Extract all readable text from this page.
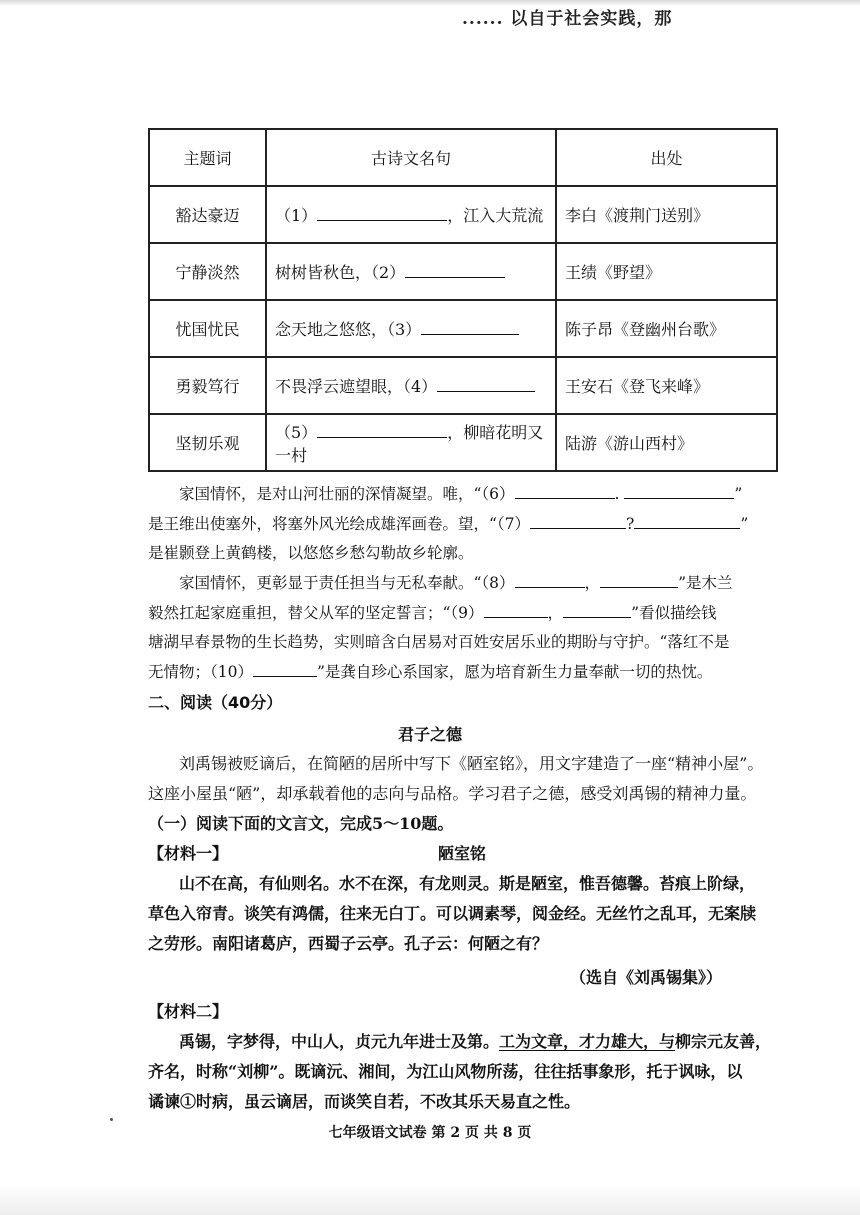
...... 以自于社会实践，那
主题词	古诗文名句	出处
豁达豪迈	（1） ，江入大荒流	李白《渡荆门送别》
宁静淡然	树树皆秋色，（2）	王绩《野望》
忧国忧民	念天地之悠悠，（3）	陈子昂《登幽州台歌》
勇毅笃行	不畏浮云遮望眼，（4）	王安石《登飞来峰》
坚韧乐观	（5） ，柳暗花明又一村	陆游《游山西村》

家国情怀，是对山河壮丽的深情凝望。唯，“（6）	.	”

是王维出使塞外，将塞外风光绘成雄浑画卷。望，“（7）	?	”

是崔颢登上黄鹤楼，以悠悠乡愁勾勒故乡轮廓。

家国情怀，更彰显于责任担当与无私奉献。“（8）	，	”是木兰

毅然扛起家庭重担，替父从军的坚定誓言；“（9）	，	”看似描绘钱

塘湖早春景物的生长趋势，实则暗含白居易对百姓安居乐业的期盼与守护。“落红不是

无情物；（10）	”是龚自珍心系国家，愿为培育新生力量奉献一切的热忱。

二、阅读（40分）
君子之德

刘禹锡被贬谪后，在简陋的居所中写下《陋室铭》，用文字建造了一座“精神小屋”。

这座小屋虽“陋”，却承载着他的志向与品格。学习君子之德，感受刘禹锡的精神力量。

（一）阅读下面的文言文，完成5～10题。

【材料一】	陋室铭

山不在高，有仙则名。水不在深，有龙则灵。斯是陋室，惟吾德馨。苔痕上阶绿，

草色入帘青。谈笑有鸿儒，往来无白丁。可以调素琴，阅金经。无丝竹之乱耳，无案牍

之劳形。南阳诸葛庐，西蜀子云亭。孔子云：何陋之有？

（选自《刘禹锡集》）

【材料二】

禹锡，字梦得，中山人，贞元九年进士及第。工为文章，才力雄大，与柳宗元友善，

齐名，时称“刘柳”。既谪沅、湘间，为江山风物所荡，往往括事象形，托于讽咏，以

谲谏①时病，虽云谪居，而谈笑自若，不改其乐天易直之性。

七年级语文试卷 第 2 页 共 8 页
